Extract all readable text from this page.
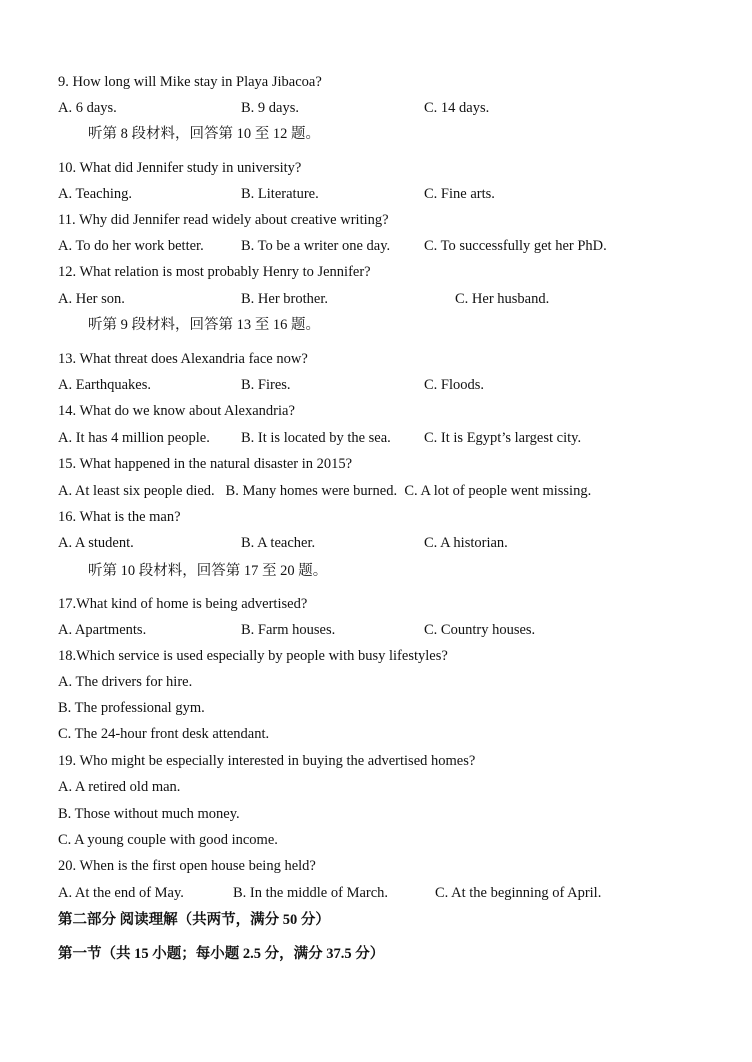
9. How long will Mike stay in Playa Jibacoa?
A. 6 days.	B. 9 days.	C. 14 days.
听第 8 段材料，回答第 10 至 12 题。
10. What did Jennifer study in university?
A. Teaching.	B. Literature.	C. Fine arts.
11. Why did Jennifer read widely about creative writing?
A. To do her work better.	B. To be a writer one day. C. To successfully get her PhD.
12. What relation is most probably Henry to Jennifer?
A. Her son.	B. Her brother.	C. Her husband.
听第 9 段材料，回答第 13 至 16 题。
13. What threat does Alexandria face now?
A. Earthquakes.	B. Fires.	C. Floods.
14. What do we know about Alexandria?
A. It has 4 million people. B. It is located by the sea. C. It is Egypt’s largest city.
15. What happened in the natural disaster in 2015?
A. At least six people died.   B. Many homes were burned.  C. A lot of people went missing.
16. What is the man?
A. A student.	B. A teacher.	C. A historian.
听第 10 段材料，回答第 17 至 20 题。
17.What kind of home is being advertised?
A. Apartments.	B. Farm houses.	C. Country houses.
18.Which service is used especially by people with busy lifestyles?
A. The drivers for hire.
B. The professional gym.
C. The 24-hour front desk attendant.
19. Who might be especially interested in buying the advertised homes?
A. A retired old man.
B. Those without much money.
C. A young couple with good income.
20. When is the first open house being held?
A. At the end of May.	B. In the middle of March.	C. At the beginning of April.
第二部分 阅读理解（共两节，满分 50 分）
第一节（共 15 小题；每小题 2.5 分，满分 37.5 分）
